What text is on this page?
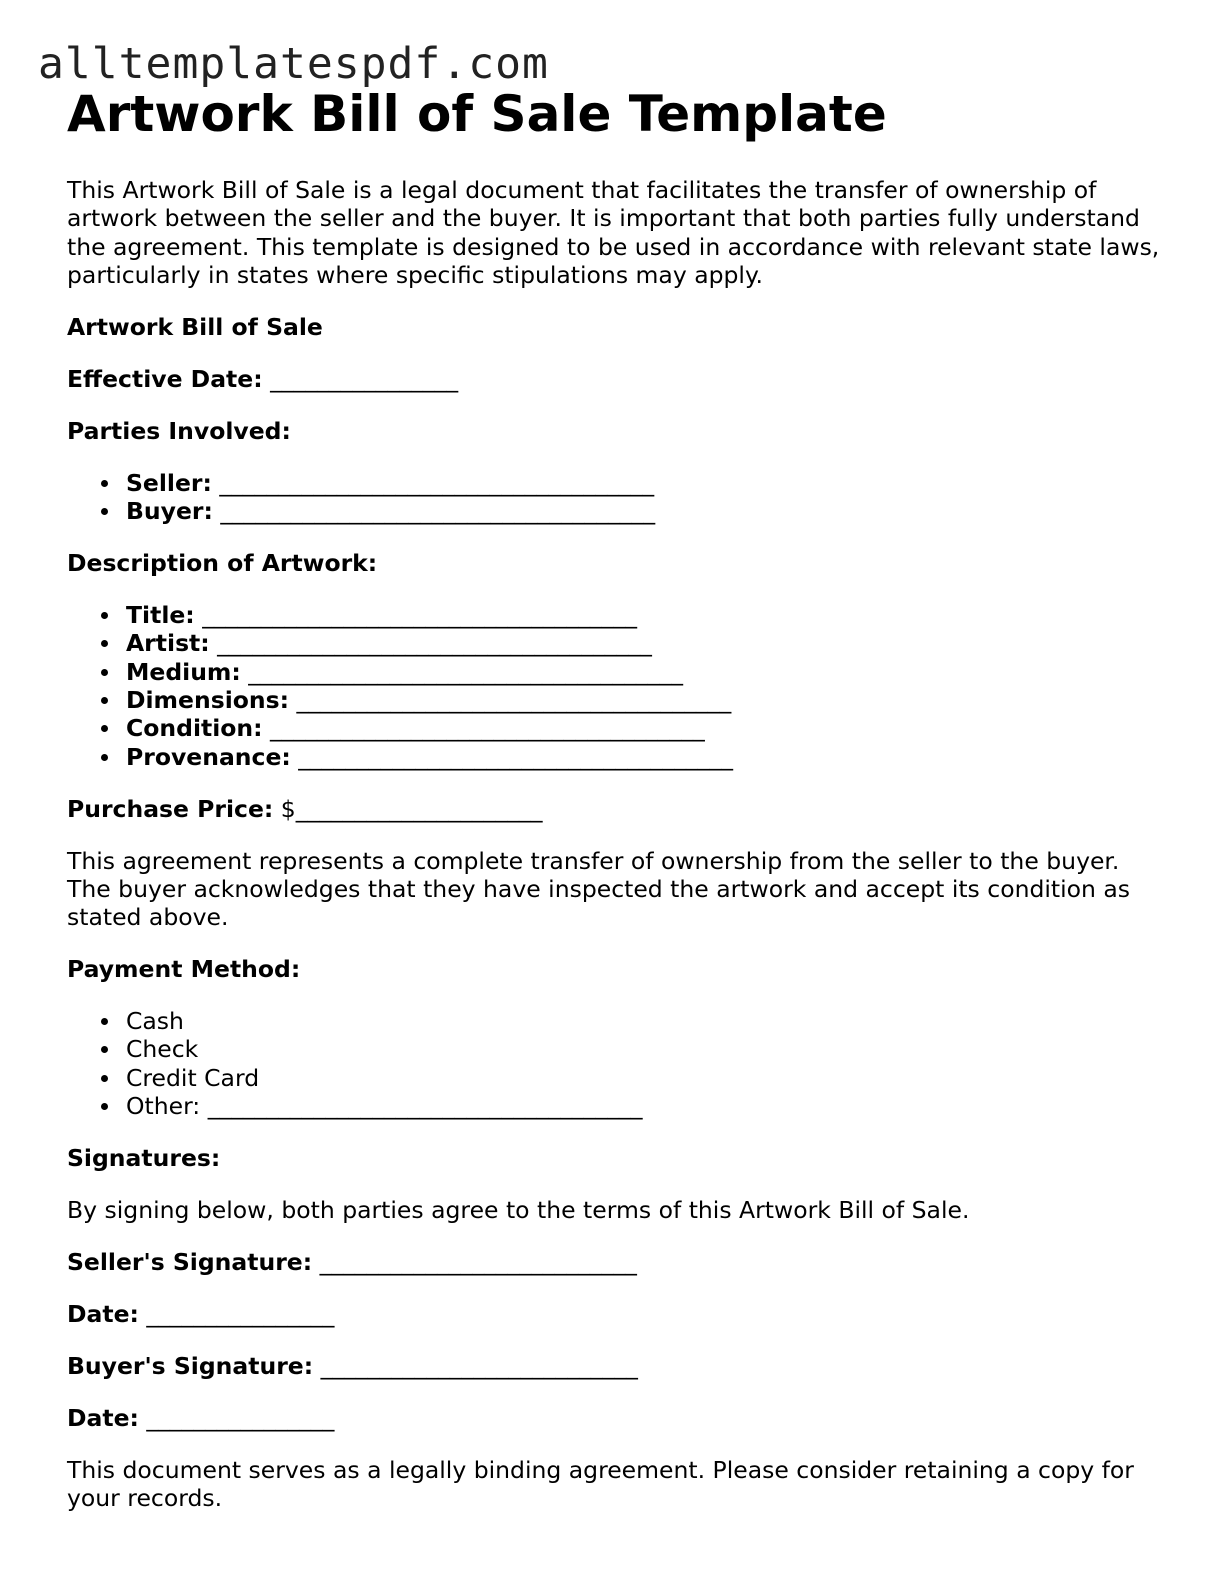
alltemplatespdf.com
Artwork Bill of Sale Template

This Artwork Bill of Sale is a legal document that facilitates the transfer of ownership of artwork between the seller and the buyer. It is important that both parties fully understand the agreement. This template is designed to be used in accordance with relevant state laws, particularly in states where specific stipulations may apply.

Artwork Bill of Sale

Effective Date: ________________

Parties Involved:

Seller: _____________________________________
Buyer: _____________________________________

Description of Artwork:

Title: _____________________________________
Artist: _____________________________________
Medium: _____________________________________
Dimensions: _____________________________________
Condition: _____________________________________
Provenance: _____________________________________

Purchase Price: $_____________________

This agreement represents a complete transfer of ownership from the seller to the buyer. The buyer acknowledges that they have inspected the artwork and accept its condition as stated above.

Payment Method:

Cash
Check
Credit Card
Other: _____________________________________

Signatures:

By signing below, both parties agree to the terms of this Artwork Bill of Sale.

Seller's Signature: ___________________________

Date: ________________

Buyer's Signature: ___________________________

Date: ________________

This document serves as a legally binding agreement. Please consider retaining a copy for your records.
